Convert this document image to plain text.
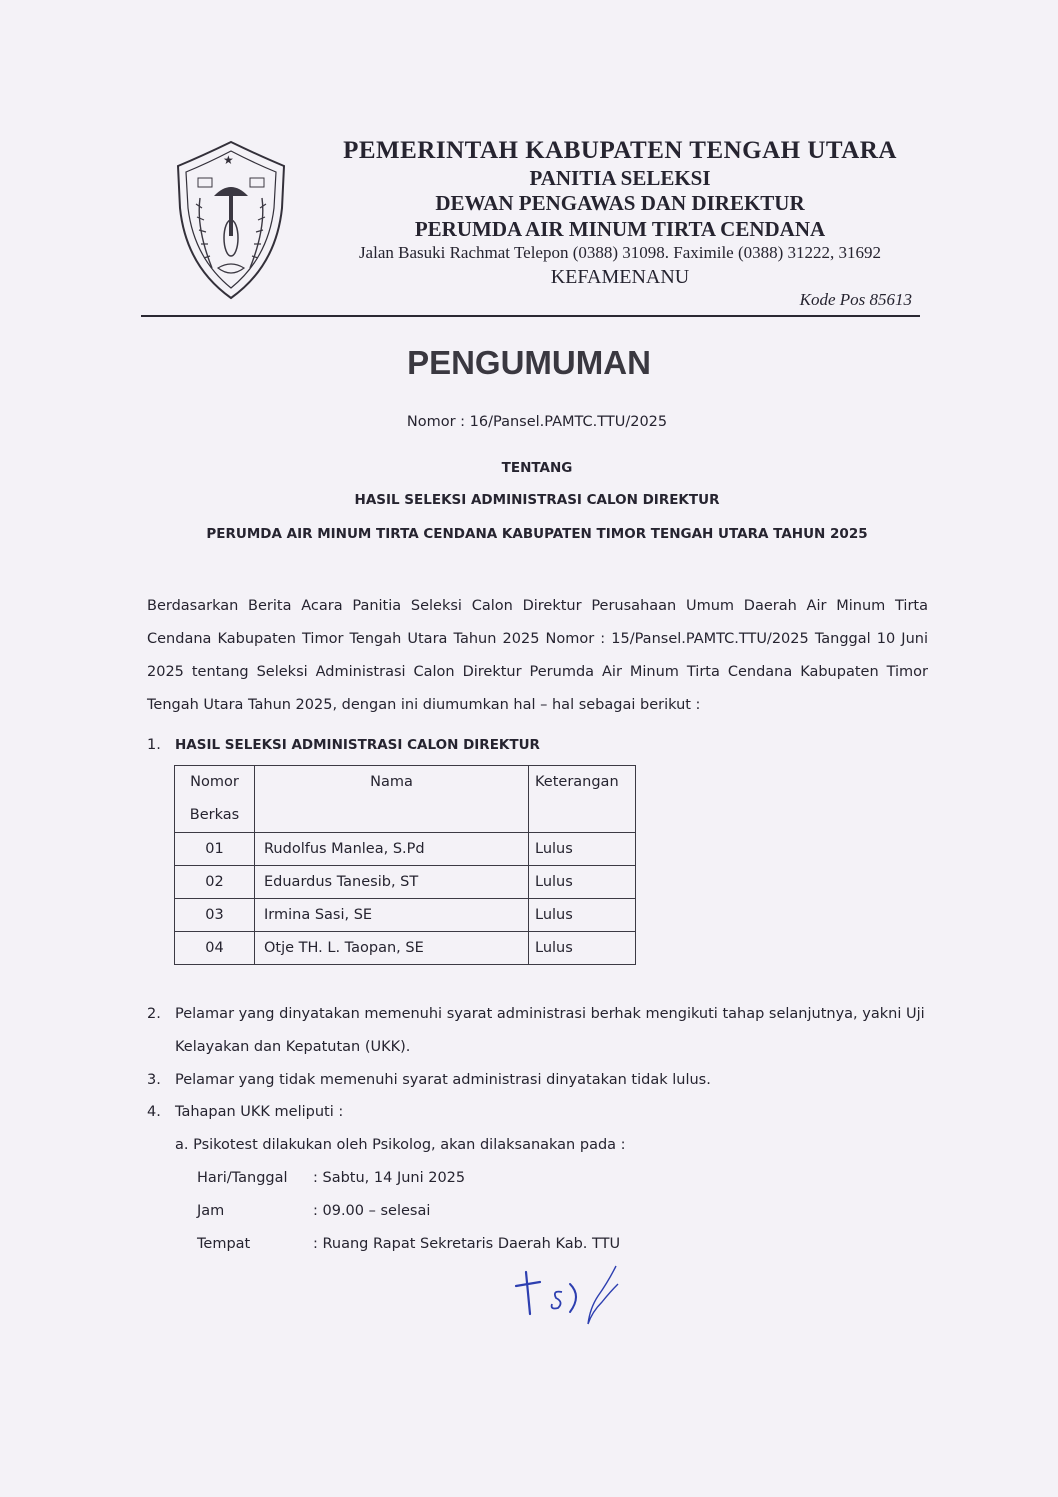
★	PEMERINTAH KABUPATEN TENGAH UTARA
PANITIA SELEKSI
DEWAN PENGAWAS DAN DIREKTUR
PERUMDA AIR MINUM TIRTA CENDANA
Jalan Basuki Rachmat Telepon (0388) 31098. Faximile (0388) 31222, 31692
KEFAMENANU
Kode Pos 85613
PENGUMUMAN
Nomor : 16/Pansel.PAMTC.TTU/2025
TENTANG
HASIL SELEKSI ADMINISTRASI CALON DIREKTUR
PERUMDA AIR MINUM TIRTA CENDANA KABUPATEN TIMOR TENGAH UTARA TAHUN 2025
Berdasarkan Berita Acara Panitia Seleksi Calon Direktur Perusahaan Umum Daerah Air Minum Tirta Cendana Kabupaten Timor Tengah Utara Tahun 2025 Nomor : 15/Pansel.PAMTC.TTU/2025 Tanggal 10 Juni 2025 tentang Seleksi Administrasi Calon Direktur Perumda Air Minum Tirta Cendana Kabupaten Timor Tengah Utara Tahun 2025, dengan ini diumumkan hal – hal sebagai berikut :
1. HASIL SELEKSI ADMINISTRASI CALON DIREKTUR
Nomor
Berkas	Nama	Keterangan
01	Rudolfus Manlea, S.Pd	Lulus
02	Eduardus Tanesib, ST	Lulus
03	Irmina Sasi, SE	Lulus
04	Otje TH. L. Taopan, SE	Lulus
2. Pelamar yang dinyatakan memenuhi syarat administrasi berhak mengikuti tahap selanjutnya, yakni Uji Kelayakan dan Kepatutan (UKK).
3. Pelamar yang tidak memenuhi syarat administrasi dinyatakan tidak lulus.
4. Tahapan UKK meliputi :
a. Psikotest dilakukan oleh Psikolog, akan dilaksanakan pada :
Hari/Tanggal : Sabtu, 14 Juni 2025
Jam	: 09.00 – selesai
Tempat	: Ruang Rapat Sekretaris Daerah Kab. TTU
